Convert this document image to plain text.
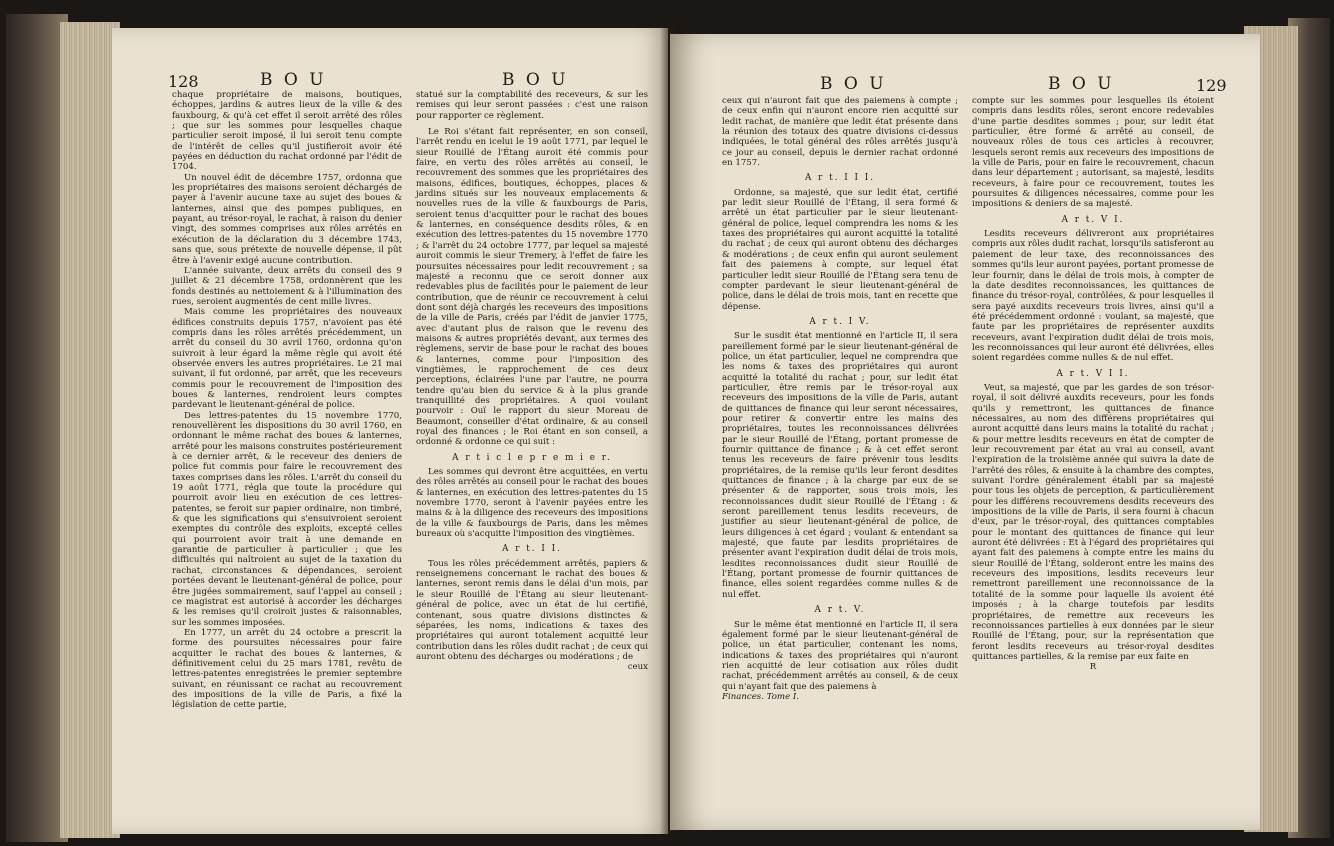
128	B O U	B O U

chaque propriétaire de maisons, boutiques, échoppes, jardins & autres lieux de la ville & des fauxbourg, & qu'à cet effet il seroit arrêté des rôles ; que sur les sommes pour lesquelles chaque particulier seroit imposé, il lui seroit tenu compte de l'intérêt de celles qu'il justifieroit avoir été payées en déduction du rachat ordonné par l'édit de 1704.

Un nouvel édit de décembre 1757, ordonna que les propriétaires des maisons seroient déchargés de payer à l'avenir aucune taxe au sujet des boues & lanternes, ainsi que des pompes publiques, en payant, au trésor-royal, le rachat, à raison du denier vingt, des sommes comprises aux rôles arrêtés en exécution de la déclaration du 3 décembre 1743, sans que, sous prétexte de nouvelle dépense, il pût être à l'avenir exigé aucune contribution.

L'année suivante, deux arrêts du conseil des 9 juillet & 21 décembre 1758, ordonnèrent que les fonds destinés au nettoiement & à l'illumination des rues, seroient augmentés de cent mille livres.

Mais comme les propriétaires des nouveaux édifices construits depuis 1757, n'avoient pas été compris dans les rôles arrêtés précédemment, un arrêt du conseil du 30 avril 1760, ordonna qu'on suivroit à leur égard la même règle qui avoit été observée envers les autres propriétaires. Le 21 mai suivant, il fut ordonné, par arrêt, que les receveurs commis pour le recouvrement de l'imposition des boues & lanternes, rendroient leurs comptes pardevant le lieutenant-général de police.

Des lettres-patentes du 15 novembre 1770, renouvellèrent les dispositions du 30 avril 1760, en ordonnant le même rachat des boues & lanternes, arrêté pour les maisons construites postérieurement à ce dernier arrêt, & le receveur des deniers de police fut commis pour faire le recouvrement des taxes comprises dans les rôles. L'arrêt du conseil du 19 août 1771, régla que toute la procédure qui pourroit avoir lieu en exécution de ces lettres-patentes, se feroit sur papier ordinaire, non timbré, & que les significations qui s'ensuivroient seroient exemptes du contrôle des exploits, excepté celles qui pourroient avoir trait à une demande en garantie de particulier à particulier ; que les difficultés qui naîtroient au sujet de la taxation du rachat, circonstances & dépendances, seroient portées devant le lieutenant-général de police, pour être jugées sommairement, sauf l'appel au conseil ; ce magistrat est autorisé à accorder les décharges & les remises qu'il croiroit justes & raisonnables, sur les sommes imposées.

En 1777, un arrêt du 24 octobre a prescrit la forme des poursuites nécessaires pour faire acquitter le rachat des boues & lanternes, & définitivement celui du 25 mars 1781, revêtu de lettres-patentes enregistrées le premier septembre suivant, en réunissant ce rachat au recouvrement des impositions de la ville de Paris, a fixé la législation de cette partie,

statué sur la comptabilité des receveurs, & sur les remises qui leur seront passées : c'est une raison pour rapporter ce règlement.

Le Roi s'étant fait représenter, en son conseil, l'arrêt rendu en icelui le 19 août 1771, par lequel le sieur Rouillé de l'Étang auroit été commis pour faire, en vertu des rôles arrêtés au conseil, le recouvrement des sommes que les propriétaires des maisons, édifices, boutiques, échoppes, places & jardins situés sur les nouveaux emplacements & nouvelles rues de la ville & fauxbourgs de Paris, seroient tenus d'acquitter pour le rachat des boues & lanternes, en conséquence desdits rôles, & en exécution des lettres-patentes du 15 novembre 1770 ; & l'arrêt du 24 octobre 1777, par lequel sa majesté auroit commis le sieur Tremery, à l'effet de faire les poursuites nécessaires pour ledit recouvrement ; sa majesté a reconnu que ce seroit donner aux redevables plus de facilités pour le paiement de leur contribution, que de réunir ce recouvrement à celui dont sont déjà chargés les receveurs des impositions de la ville de Paris, créés par l'édit de janvier 1775, avec d'autant plus de raison que le revenu des maisons & autres propriétés devant, aux termes des règlemens, servir de base pour le rachat des boues & lanternes, comme pour l'imposition des vingtièmes, le rapprochement de ces deux perceptions, éclairées l'une par l'autre, ne pourra tendre qu'au bien du service & à la plus grande tranquillité des propriétaires. A quoi voulant pourvoir : Ouï le rapport du sieur Moreau de Beaumont, conseiller d'état ordinaire, & au conseil royal des finances ; le Roi étant en son conseil, a ordonné & ordonne ce qui suit :

A r t i c l e p r e m i e r.

Les sommes qui devront être acquittées, en vertu des rôles arrêtés au conseil pour le rachat des boues & lanternes, en exécution des lettres-patentes du 15 novembre 1770, seront à l'avenir payées entre les mains & à la diligence des receveurs des impositions de la ville & fauxbourgs de Paris, dans les mêmes bureaux où s'acquitte l'imposition des vingtièmes.

A r t. I I.

Tous les rôles précédemment arrêtés, papiers & renseignemens concernant le rachat des boues & lanternes, seront remis dans le délai d'un mois, par le sieur Rouillé de l'Étang au sieur lieutenant-général de police, avec un état de lui certifié, contenant, sous quatre divisions distinctes & séparées, les noms, indications & taxes des propriétaires qui auront totalement acquitté leur contribution dans les rôles dudit rachat ; de ceux qui auront obtenu des décharges ou modérations ; de

ceux
B O U	B O U	129

ceux qui n'auront fait que des paiemens à compte ; de ceux enfin qui n'auront encore rien acquitté sur ledit rachat, de manière que ledit état présente dans la réunion des totaux des quatre divisions ci-dessus indiquées, le total général des rôles arrêtés jusqu'à ce jour au conseil, depuis le dernier rachat ordonné en 1757.

A r t. I I I.

Ordonne, sa majesté, que sur ledit état, certifié par ledit sieur Rouillé de l'Étang, il sera formé & arrêté un état particulier par le sieur lieutenant-général de police, lequel comprendra les noms & les taxes des propriétaires qui auront acquitté la totalité du rachat ; de ceux qui auront obtenu des décharges & modérations ; de ceux enfin qui auront seulement fait des paiemens à compte, sur lequel état particulier ledit sieur Rouillé de l'Étang sera tenu de compter pardevant le sieur lieutenant-général de police, dans le délai de trois mois, tant en recette que dépense.

A r t. I V.

Sur le susdit état mentionné en l'article II, il sera pareillement formé par le sieur lieutenant-général de police, un état particulier, lequel ne comprendra que les noms & taxes des propriétaires qui auront acquitté la totalité du rachat ; pour, sur ledit état particulier, être remis par le trésor-royal aux receveurs des impositions de la ville de Paris, autant de quittances de finance qui leur seront nécessaires, pour retirer & convertir entre les mains des propriétaires, toutes les reconnoissances délivrées par le sieur Rouillé de l'Étang, portant promesse de fournir quittance de finance ; & à cet effet seront tenus les receveurs de faire prévenir tous lesdits propriétaires, de la remise qu'ils leur feront desdites quittances de finance ; à la charge par eux de se présenter & de rapporter, sous trois mois, les reconnoissances dudit sieur Rouillé de l'Étang : & seront pareillement tenus lesdits receveurs, de justifier au sieur lieutenant-général de police, de leurs diligences à cet égard ; voulant & entendant sa majesté, que faute par lesdits propriétaires de présenter avant l'expiration dudit délai de trois mois, lesdites reconnoissances dudit sieur Rouillé de l'Étang, portant promesse de fournir quittances de finance, elles soient regardées comme nulles & de nul effet.

A r t. V.

Sur le même état mentionné en l'article II, il sera également formé par le sieur lieutenant-général de police, un état particulier, contenant les noms, indications & taxes des propriétaires qui n'auront rien acquitté de leur cotisation aux rôles dudit rachat, précédemment arrêtés au conseil, & de ceux qui n'ayant fait que des paiemens à

Finances. Tome I.

compte sur les sommes pour lesquelles ils étoient compris dans lesdits rôles, seront encore redevables d'une partie desdites sommes ; pour, sur ledit état particulier, être formé & arrêté au conseil, de nouveaux rôles de tous ces articles à recouvrer, lesquels seront remis aux receveurs des impositions de la ville de Paris, pour en faire le recouvrement, chacun dans leur département ; autorisant, sa majesté, lesdits receveurs, à faire pour ce recouvrement, toutes les poursuites & diligences nécessaires, comme pour les impositions & deniers de sa majesté.

A r t. V I.

Lesdits receveurs délivreront aux propriétaires compris aux rôles dudit rachat, lorsqu'ils satisferont au paiement de leur taxe, des reconnoissances des sommes qu'ils leur auront payées, portant promesse de leur fournir, dans le délai de trois mois, à compter de la date desdites reconnoissances, les quittances de finance du trésor-royal, contrôlées, & pour lesquelles il sera payé auxdits receveurs trois livres, ainsi qu'il a été précédemment ordonné : voulant, sa majesté, que faute par les propriétaires de représenter auxdits receveurs, avant l'expiration dudit délai de trois mois, les reconnoissances qui leur auront été délivrées, elles soient regardées comme nulles & de nul effet.

A r t. V I I.

Veut, sa majesté, que par les gardes de son trésor-royal, il soit délivré auxdits receveurs, pour les fonds qu'ils y remettront, les quittances de finance nécessaires, au nom des différens propriétaires qui auront acquitté dans leurs mains la totalité du rachat ; & pour mettre lesdits receveurs en état de compter de leur recouvrement par état au vrai au conseil, avant l'expiration de la troisième année qui suivra la date de l'arrêté des rôles, & ensuite à la chambre des comptes, suivant l'ordre généralement établi par sa majesté pour tous les objets de perception, & particulièrement pour les différens recouvremens desdits receveurs des impositions de la ville de Paris, il sera fourni à chacun d'eux, par le trésor-royal, des quittances comptables pour le montant des quittances de finance qui leur auront été délivrées : Et à l'égard des propriétaires qui ayant fait des paiemens à compte entre les mains du sieur Rouillé de l'Étang, solderont entre les mains des receveurs des impositions, lesdits receveurs leur remettront pareillement une reconnoissance de la totalité de la somme pour laquelle ils avoient été imposés ; à la charge toutefois par lesdits propriétaires, de remettre aux receveurs les reconnoissances partielles à eux données par le sieur Rouillé de l'Étang, pour, sur la représentation que feront lesdits receveurs au trésor-royal desdites quittances partielles, & la remise par eux faite en

R
